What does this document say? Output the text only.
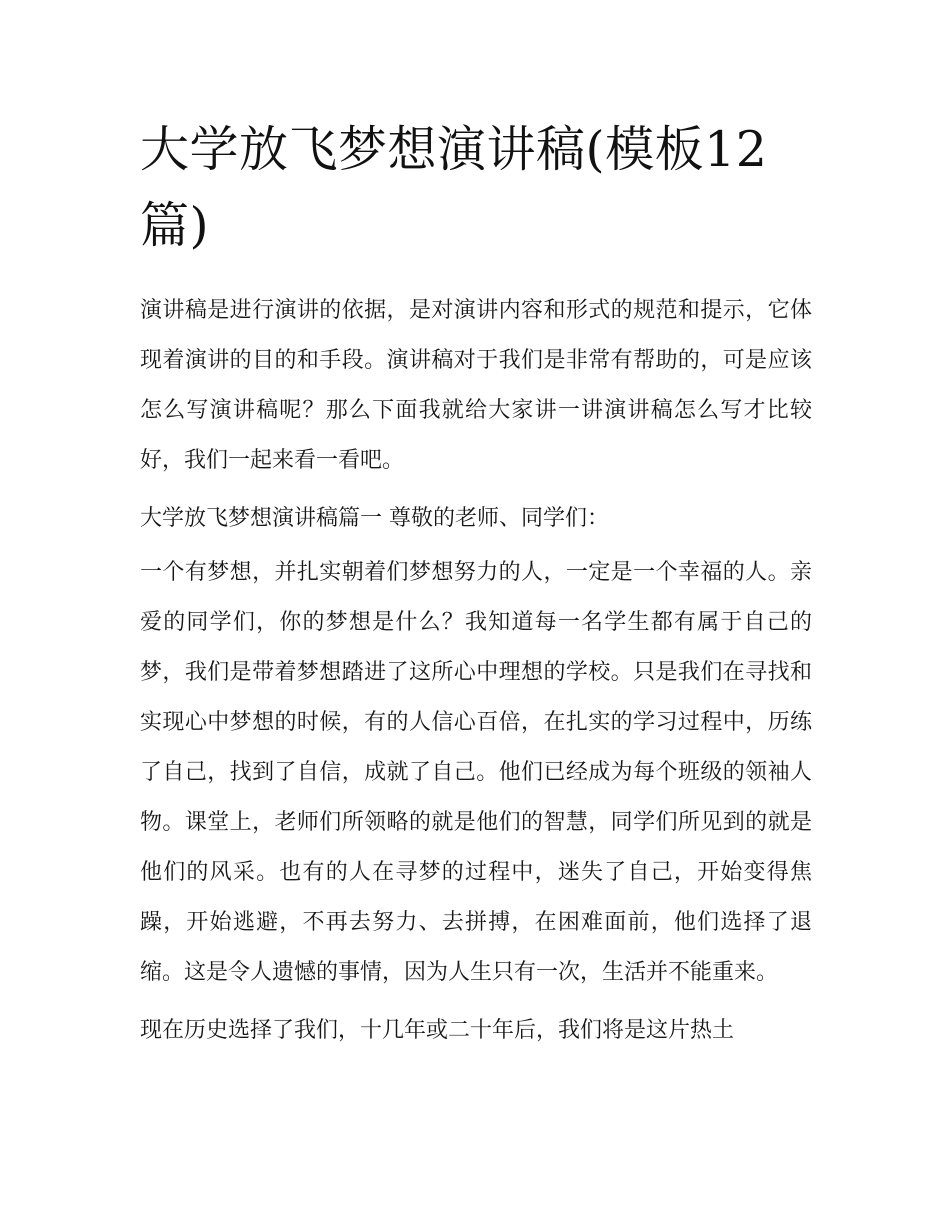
大学放飞梦想演讲稿(模板12篇)

演讲稿是进行演讲的依据，是对演讲内容和形式的规范和提示，它体现着演讲的目的和手段。演讲稿对于我们是非常有帮助的，可是应该怎么写演讲稿呢？那么下面我就给大家讲一讲演讲稿怎么写才比较好，我们一起来看一看吧。

大学放飞梦想演讲稿篇一 尊敬的老师、同学们：

一个有梦想，并扎实朝着们梦想努力的人，一定是一个幸福的人。亲爱的同学们，你的梦想是什么？我知道每一名学生都有属于自己的梦，我们是带着梦想踏进了这所心中理想的学校。只是我们在寻找和实现心中梦想的时候，有的人信心百倍，在扎实的学习过程中，历练了自己，找到了自信，成就了自己。他们已经成为每个班级的领袖人物。课堂上，老师们所领略的就是他们的智慧，同学们所见到的就是他们的风采。也有的人在寻梦的过程中，迷失了自己，开始变得焦躁，开始逃避，不再去努力、去拼搏，在困难面前，他们选择了退缩。这是令人遗憾的事情，因为人生只有一次，生活并不能重来。

现在历史选择了我们，十几年或二十年后，我们将是这片热土
